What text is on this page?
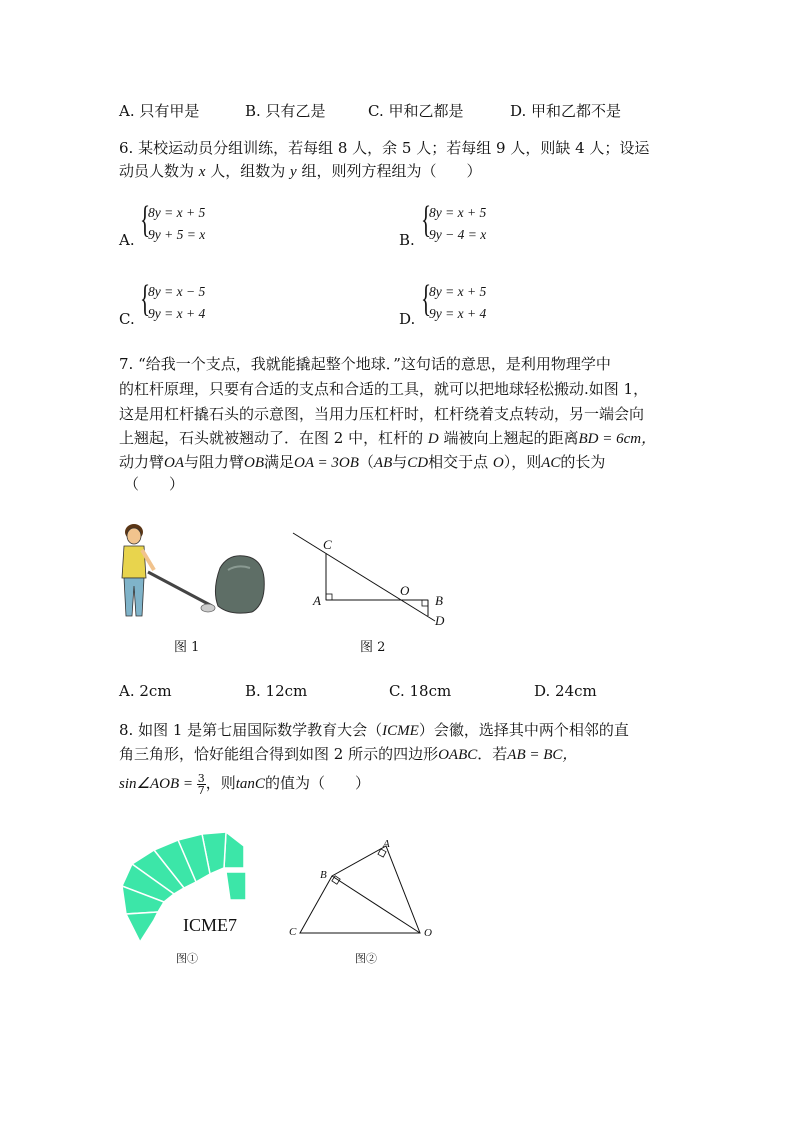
A. 只有甲是	B. 只有乙是	C. 甲和乙都是	D. 甲和乙都不是
6. 某校运动员分组训练，若每组 8 人，余 5 人；若每组 9 人，则缺 4 人；设运
动员人数为 x 人，组数为 y 组，则列方程组为（　　）
A. {
8y = x + 5
9y + 5 = x	B. {
8y = x + 5
9y − 4 = x
C. {
8y = x − 5
9y = x + 4	D. {
8y = x + 5
9y = x + 4
7. “给我一个支点，我就能撬起整个地球．”这句话的意思，是利用物理学中
的杠杆原理，只要有合适的支点和合适的工具，就可以把地球轻松搬动.如图 1，
这是用杠杆撬石头的示意图，当用力压杠杆时，杠杆绕着支点转动，另一端会向
上翘起，石头就被翘动了．在图 2 中，杠杆的 D 端被向上翘起的距离BD = 6cm，
动力臂OA与阻力臂OB满足OA = 3OB（AB与CD相交于点 O），则AC的长为
（　　）
图 1
C
A
O
B
D
图 2
A. 2cm	B. 12cm	C. 18cm	D. 24cm
8. 如图 1 是第七届国际数学教育大会（ICME）会徽，选择其中两个相邻的直
角三角形，恰好能组合得到如图 2 所示的四边形OABC．若AB = BC，
sin∠AOB = $\frac{3}{7}$ ，则tanC的值为（　　）
ICME7
图①
A
B
C	O
图②
